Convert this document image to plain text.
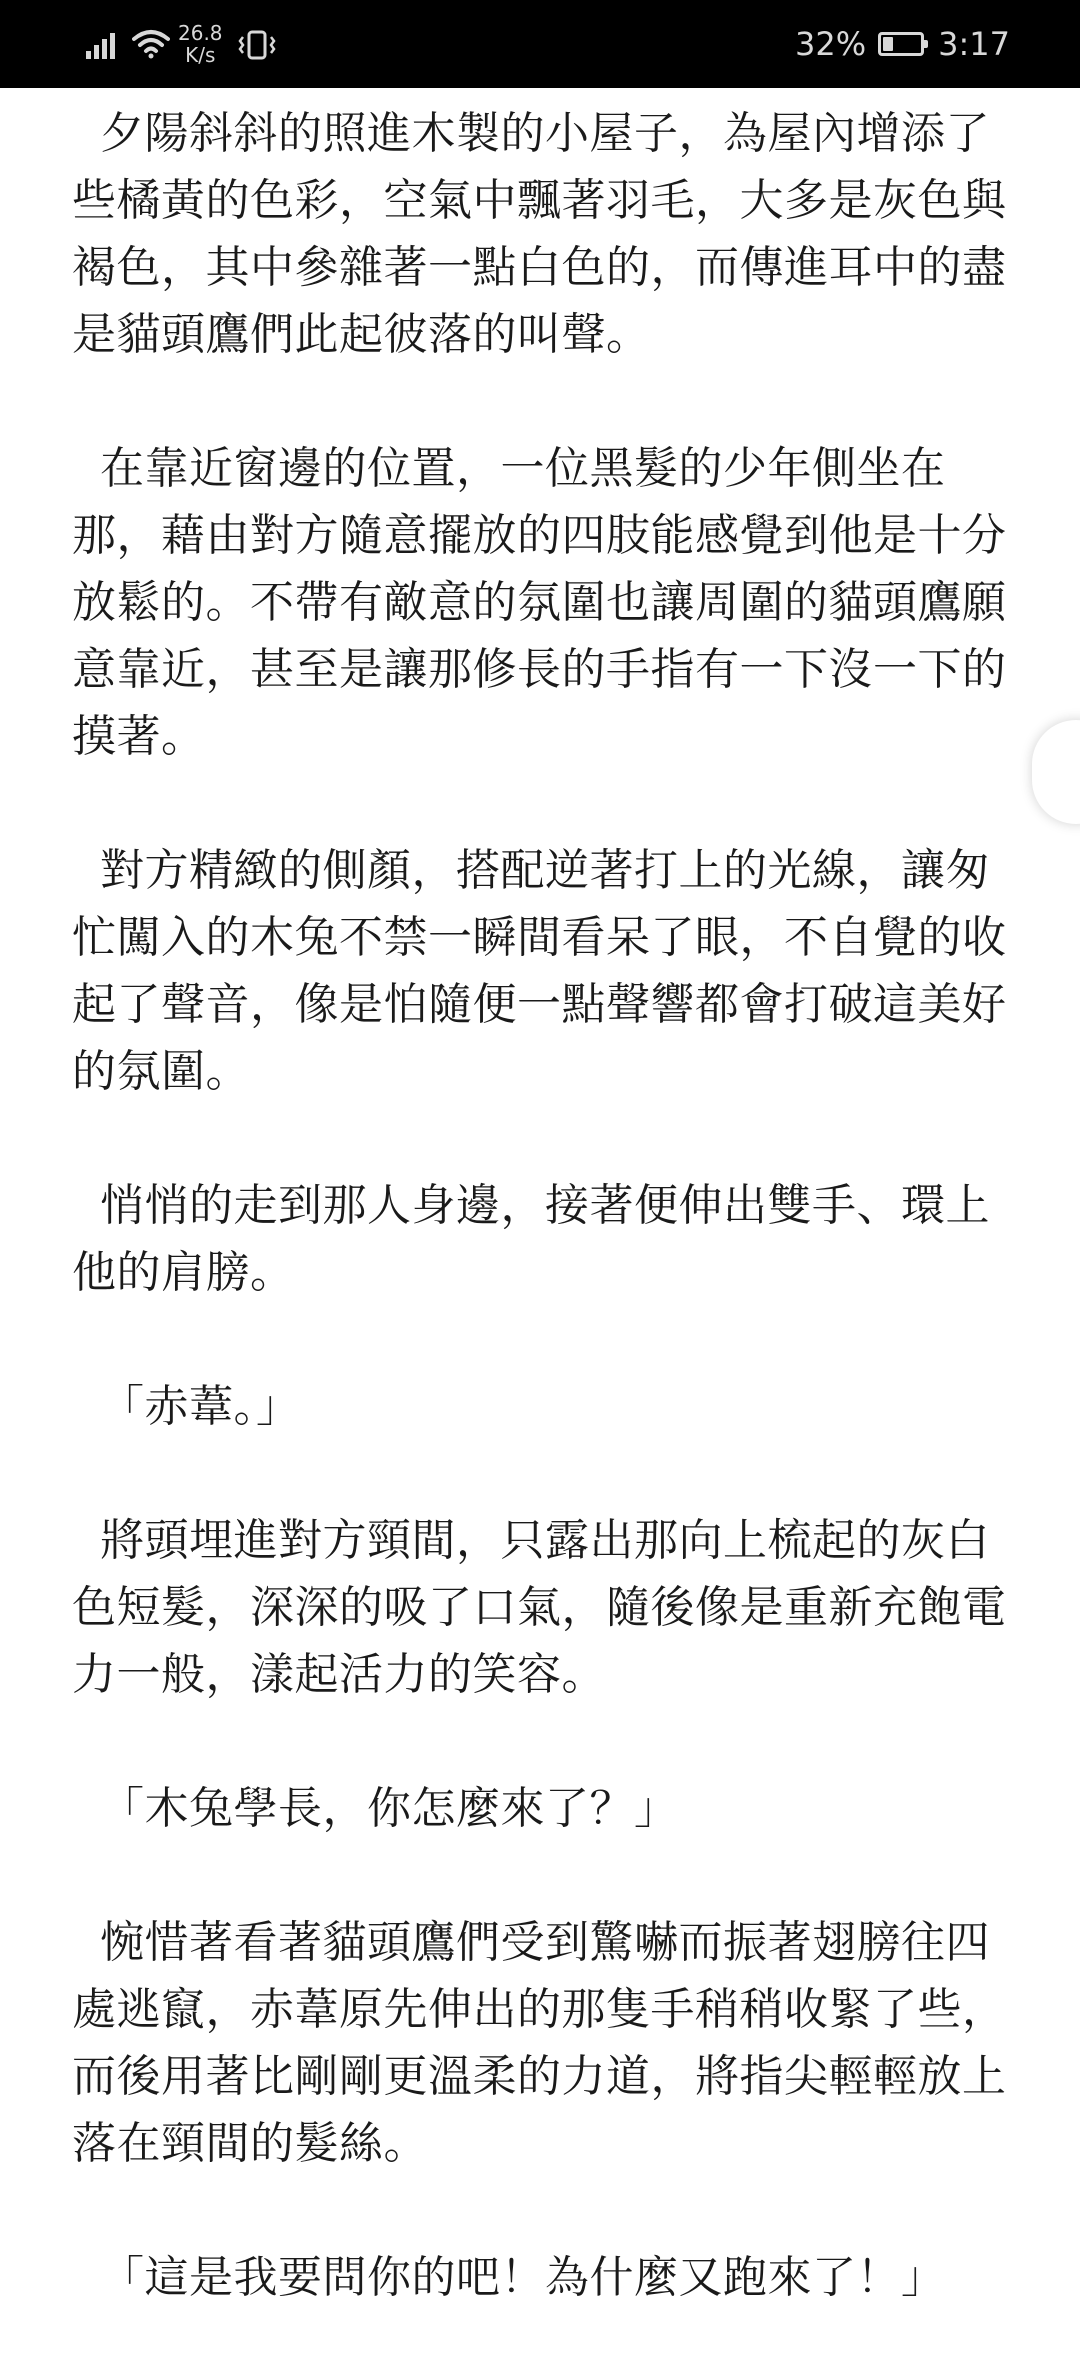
26.8
K/s	32% 3:17

夕陽斜斜的照進木製的小屋子，為屋內增添了些橘黃的色彩，空氣中飄著羽毛，大多是灰色與褐色，其中參雜著一點白色的，而傳進耳中的盡是貓頭鷹們此起彼落的叫聲。

在靠近窗邊的位置，一位黑髮的少年側坐在那，藉由對方隨意擺放的四肢能感覺到他是十分放鬆的。不帶有敵意的氛圍也讓周圍的貓頭鷹願意靠近，甚至是讓那修長的手指有一下沒一下的摸著。

對方精緻的側顏，搭配逆著打上的光線，讓匆忙闖入的木兔不禁一瞬間看呆了眼，不自覺的收起了聲音，像是怕隨便一點聲響都會打破這美好的氛圍。

悄悄的走到那人身邊，接著便伸出雙手、環上他的肩膀。

「赤葦。」

將頭埋進對方頸間，只露出那向上梳起的灰白色短髮，深深的吸了口氣，隨後像是重新充飽電力一般，漾起活力的笑容。

「木兔學長，你怎麼來了？」

惋惜著看著貓頭鷹們受到驚嚇而振著翅膀往四處逃竄，赤葦原先伸出的那隻手稍稍收緊了些，而後用著比剛剛更溫柔的力道，將指尖輕輕放上落在頸間的髮絲。

「這是我要問你的吧！為什麼又跑來了！」
